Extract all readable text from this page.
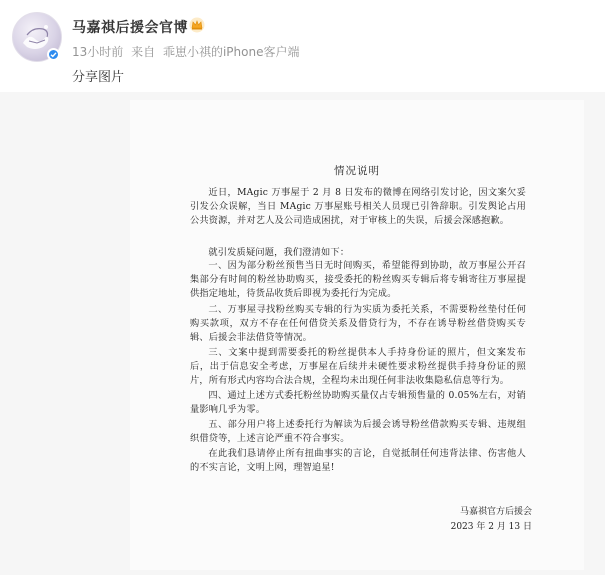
马嘉祺后援会官博
13小时前 来自 乖崽小祺的iPhone客户端
分享图片
情况说明
近日，MAgic 万事屋于 2 月 8 日发布的微博在网络引发讨论，因文案欠妥引发公众误解，当日 MAgic 万事屋账号相关人员现已引咎辞职。引发舆论占用公共资源，并对艺人及公司造成困扰，对于审核上的失误，后援会深感抱歉。
就引发质疑问题，我们澄清如下：
一、因为部分粉丝预售当日无时间购买，希望能得到协助，故万事屋公开召集部分有时间的粉丝协助购买，接受委托的粉丝购买专辑后将专辑寄往万事屋提供指定地址，待货品收货后即视为委托行为完成。
二、万事屋寻找粉丝购买专辑的行为实质为委托关系，不需要粉丝垫付任何购买款项，双方不存在任何借贷关系及借贷行为，不存在诱导粉丝借贷购买专辑、后援会非法借贷等情况。
三、文案中提到需要委托的粉丝提供本人手持身份证的照片，但文案发布后，出于信息安全考虑，万事屋在后续并未硬性要求粉丝提供手持身份证的照片，所有形式内容均合法合规，全程均未出现任何非法收集隐私信息等行为。
四、通过上述方式委托粉丝协助购买量仅占专辑预售量的 0.05%左右，对销量影响几乎为零。
五、部分用户将上述委托行为解读为后援会诱导粉丝借款购买专辑、违规组织借贷等，上述言论严重不符合事实。
在此我们恳请停止所有扭曲事实的言论，自觉抵制任何违背法律、伤害他人的不实言论，文明上网，理智追星!
马嘉祺官方后援会
2023 年 2 月 13 日
